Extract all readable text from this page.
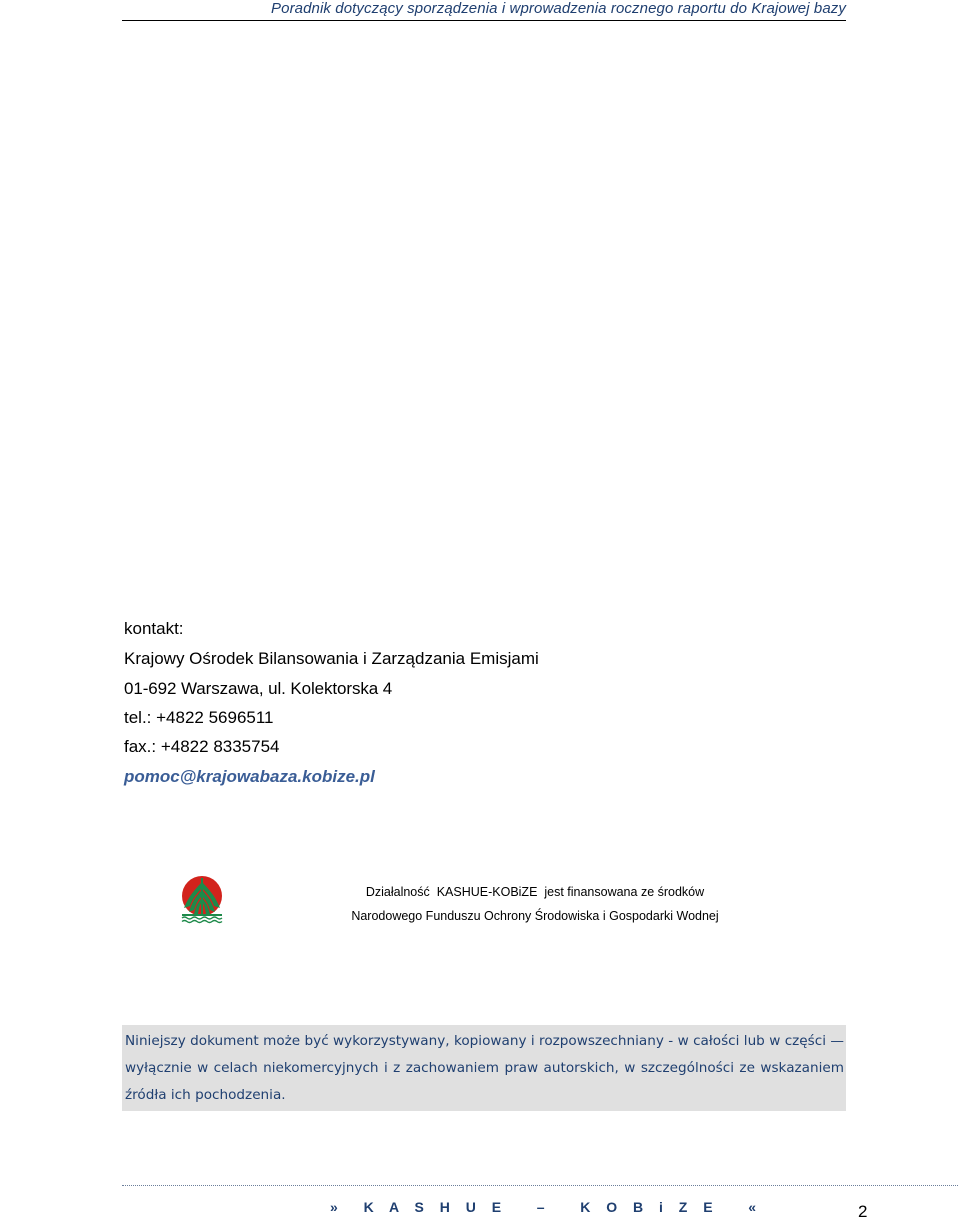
Poradnik dotyczący sporządzenia i wprowadzenia rocznego raportu do Krajowej bazy
kontakt:
Krajowy Ośrodek Bilansowania i Zarządzania Emisjami
01-692 Warszawa, ul. Kolektorska 4
tel.: +4822 5696511
fax.: +4822 8335754
pomoc@krajowabaza.kobize.pl
Działalność  KASHUE-KOBiZE  jest finansowana ze środków
Narodowego Funduszu Ochrony Środowiska i Gospodarki Wodnej

Niniejszy dokument może być wykorzystywany, kopiowany i rozpowszechniany - w całości lub w części — wyłącznie w celach niekomercyjnych i z zachowaniem praw autorskich, w szczególności ze wskazaniem źródła ich pochodzenia.

»  K A S H U E   –   K O B i Z E   «	2
